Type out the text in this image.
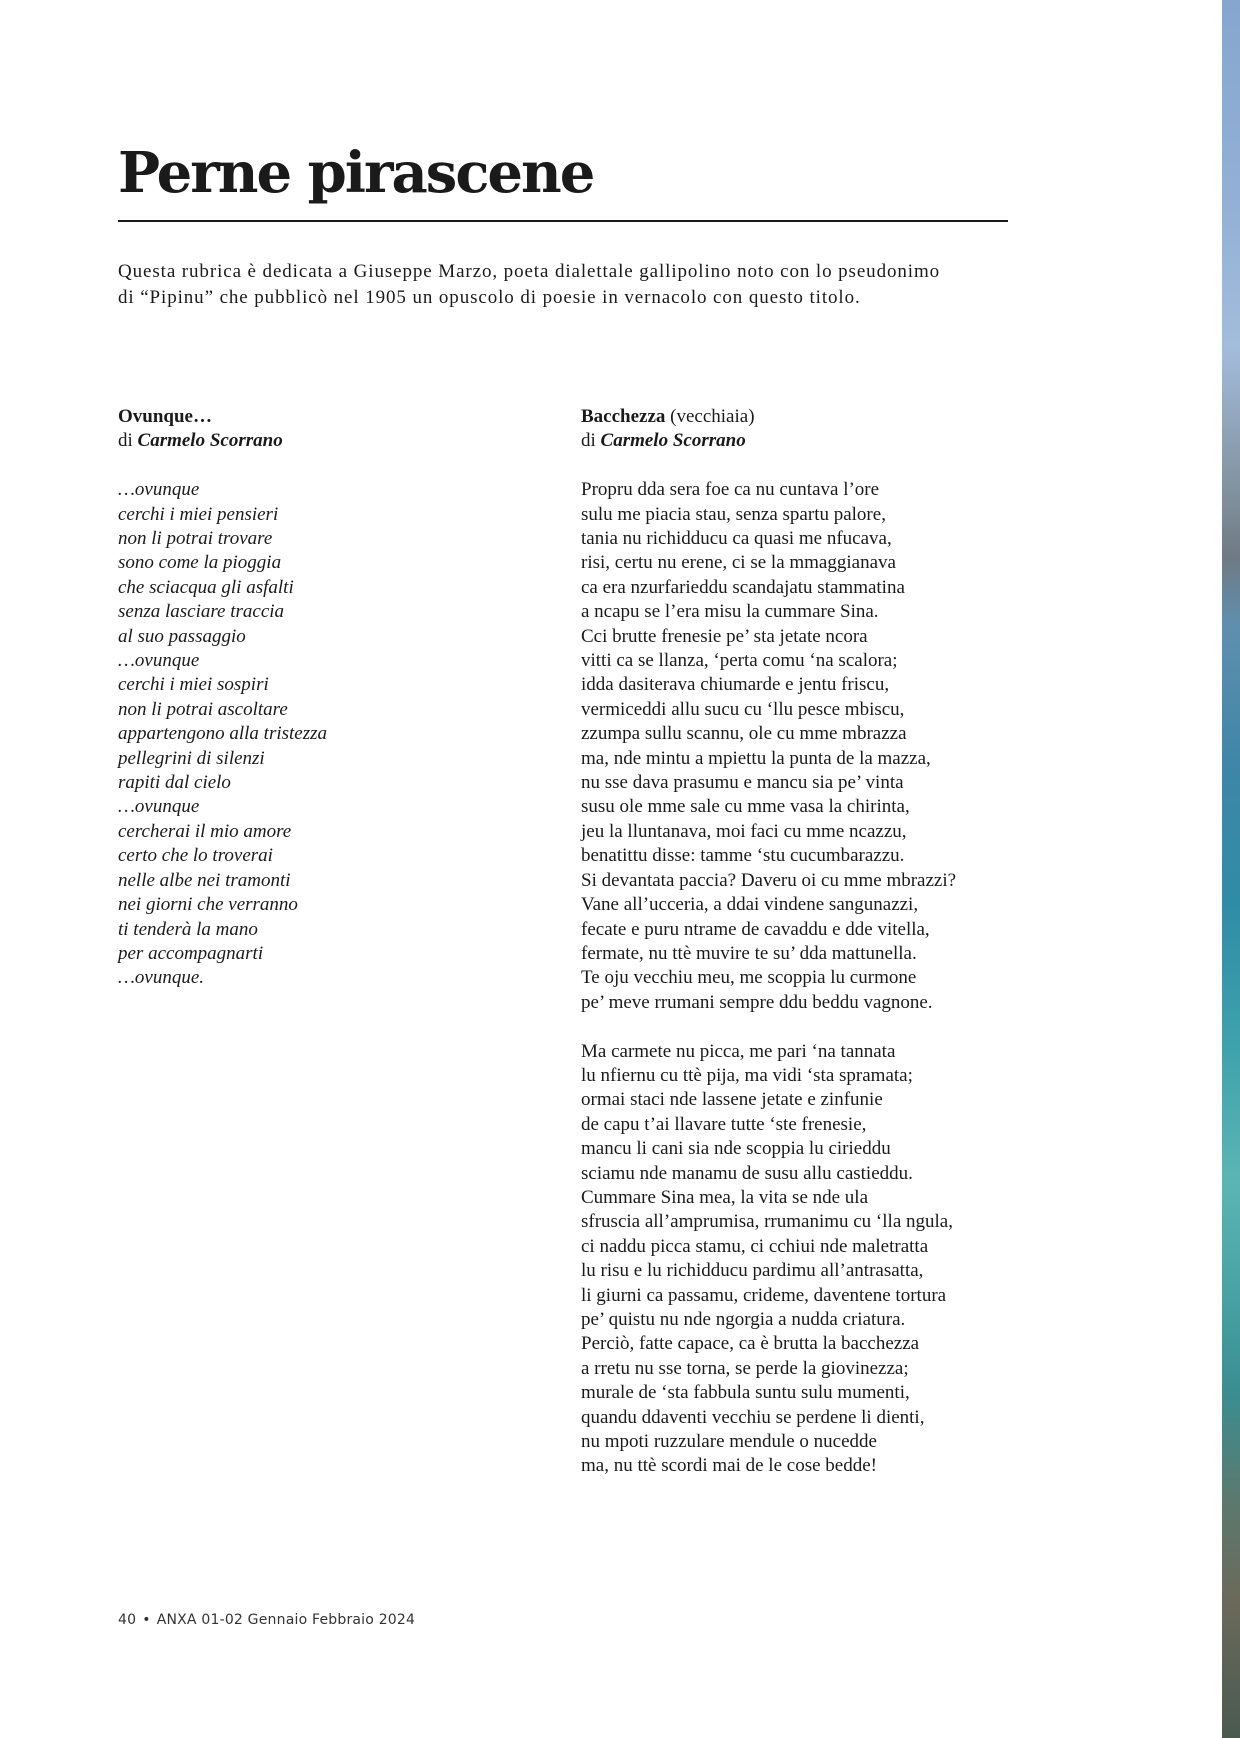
Perne pirascene

Questa rubrica è dedicata a Giuseppe Marzo, poeta dialettale gallipolino noto con lo pseudonimo
di “Pipinu” che pubblicò nel 1905 un opuscolo di poesie in vernacolo con questo titolo.

Ovunque…

di Carmelo Scorrano

…ovunque
cerchi i miei pensieri
non li potrai trovare
sono come la pioggia
che sciacqua gli asfalti
senza lasciare traccia
al suo passaggio
…ovunque
cerchi i miei sospiri
non li potrai ascoltare
appartengono alla tristezza
pellegrini di silenzi
rapiti dal cielo
…ovunque
cercherai il mio amore
certo che lo troverai
nelle albe nei tramonti
nei giorni che verranno
ti tenderà la mano
per accompagnarti
…ovunque.

Bacchezza (vecchiaia)

di Carmelo Scorrano

Propru dda sera foe ca nu cuntava l’ore
sulu me piacia stau, senza spartu palore,
tania nu richidducu ca quasi me nfucava,
risi, certu nu erene, ci se la mmaggianava
ca era nzurfarieddu scandajatu stammatina
a ncapu se l’era misu la cummare Sina.
Cci brutte frenesie pe’ sta jetate ncora
vitti ca se llanza, ‘perta comu ‘na scalora;
idda dasiterava chiumarde e jentu friscu,
vermiceddi allu sucu cu ‘llu pesce mbiscu,
zzumpa sullu scannu, ole cu mme mbrazza
ma, nde mintu a mpiettu la punta de la mazza,
nu sse dava prasumu e mancu sia pe’ vinta
susu ole mme sale cu mme vasa la chirinta,
jeu la lluntanava, moi faci cu mme ncazzu,
benatittu disse: tamme ‘stu cucumbarazzu.
Si devantata paccia? Daveru oi cu mme mbrazzi?
Vane all’ucceria, a ddai vindene sangunazzi,
fecate e puru ntrame de cavaddu e dde vitella,
fermate, nu ttè muvire te su’ dda mattunella.
Te oju vecchiu meu, me scoppia lu curmone
pe’ meve rrumani sempre ddu beddu vagnone.
Ma carmete nu picca, me pari ‘na tannata
lu nfiernu cu ttè pija, ma vidi ‘sta spramata;
ormai staci nde lassene jetate e zinfunie
de capu t’ai llavare tutte ‘ste frenesie,
mancu li cani sia nde scoppia lu cirieddu
sciamu nde manamu de susu allu castieddu.
Cummare Sina mea, la vita se nde ula
sfruscia all’amprumisa, rrumanimu cu ‘lla ngula,
ci naddu picca stamu, ci cchiui nde maletratta
lu risu e lu richidducu pardimu all’antrasatta,
li giurni ca passamu, crideme, daventene tortura
pe’ quistu nu nde ngorgia a nudda criatura.
Perciò, fatte capace, ca è brutta la bacchezza
a rretu nu sse torna, se perde la giovinezza;
murale de ‘sta fabbula suntu sulu mumenti,
quandu ddaventi vecchiu se perdene li dienti,
nu mpoti ruzzulare mendule o nucedde
ma, nu ttè scordi mai de le cose bedde!
40 • ANXA 01-02 Gennaio Febbraio 2024
